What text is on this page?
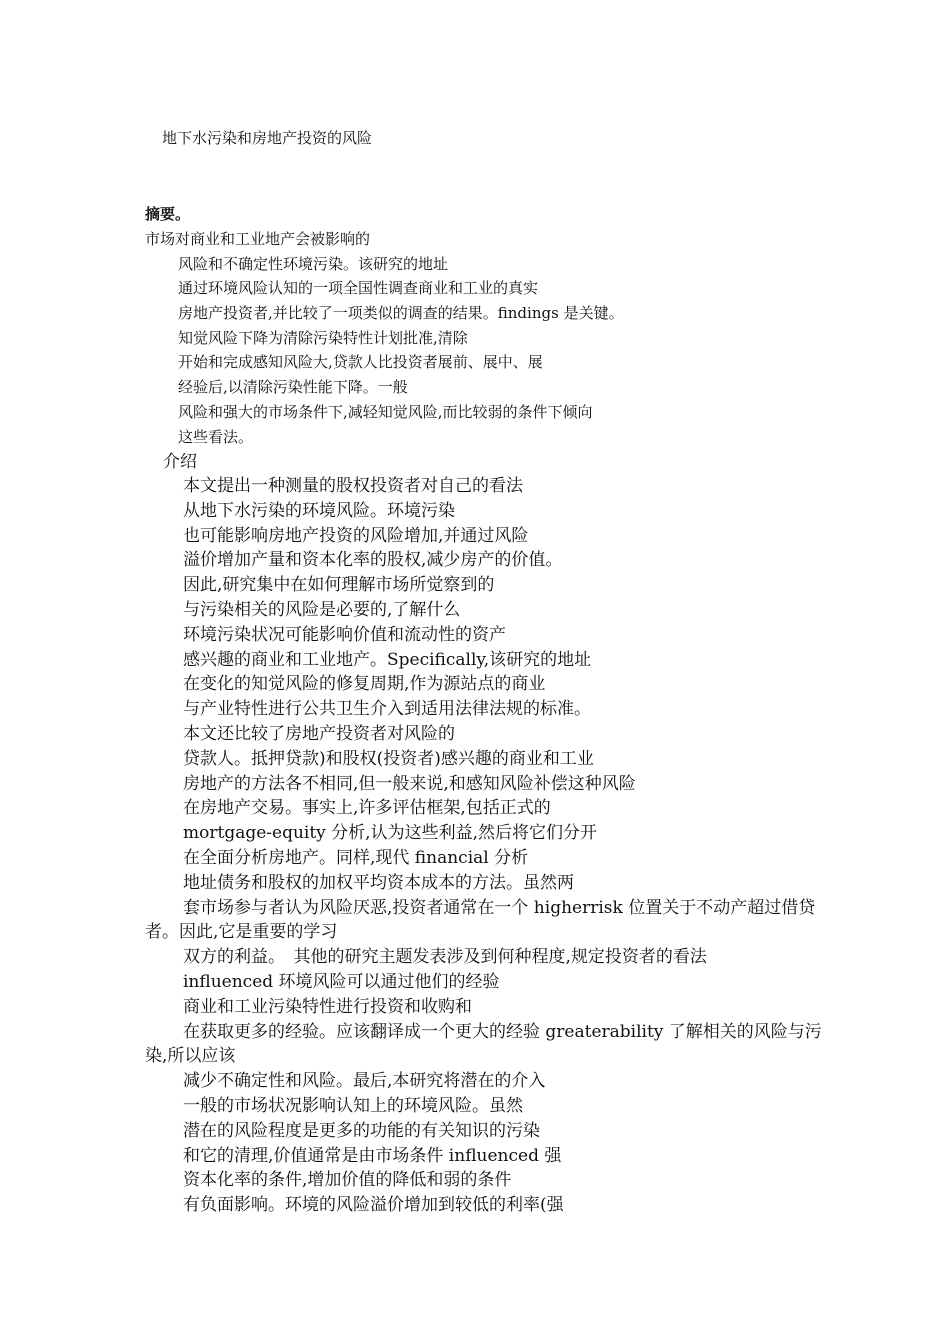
地下水污染和房地产投资的风险
摘要。
市场对商业和工业地产会被影响的
风险和不确定性环境污染。该研究的地址
通过环境风险认知的一项全国性调查商业和工业的真实
房地产投资者,并比较了一项类似的调查的结果。findings 是关键。
知觉风险下降为清除污染特性计划批准,清除
开始和完成感知风险大,贷款人比投资者展前、展中、展
经验后,以清除污染性能下降。一般
风险和强大的市场条件下,减轻知觉风险,而比较弱的条件下倾向
这些看法。
介绍
本文提出一种测量的股权投资者对自己的看法
从地下水污染的环境风险。环境污染
也可能影响房地产投资的风险增加,并通过风险
溢价增加产量和资本化率的股权,减少房产的价值。
因此,研究集中在如何理解市场所觉察到的
与污染相关的风险是必要的,了解什么
环境污染状况可能影响价值和流动性的资产
感兴趣的商业和工业地产。Specifically,该研究的地址
在变化的知觉风险的修复周期,作为源站点的商业
与产业特性进行公共卫生介入到适用法律法规的标准。
本文还比较了房地产投资者对风险的
贷款人。抵押贷款)和股权(投资者)感兴趣的商业和工业
房地产的方法各不相同,但一般来说,和感知风险补偿这种风险
在房地产交易。事实上,许多评估框架,包括正式的
mortgage-equity 分析,认为这些利益,然后将它们分开
在全面分析房地产。同样,现代 financial 分析
地址债务和股权的加权平均资本成本的方法。虽然两
套市场参与者认为风险厌恶,投资者通常在一个 higherrisk 位置关于不动产超过借贷者。因此,它是重要的学习
双方的利益。　其他的研究主题发表涉及到何种程度,规定投资者的看法
influenced 环境风险可以通过他们的经验
商业和工业污染特性进行投资和收购和
在获取更多的经验。应该翻译成一个更大的经验 greaterability 了解相关的风险与污染,所以应该
减少不确定性和风险。最后,本研究将潜在的介入
一般的市场状况影响认知上的环境风险。虽然
潜在的风险程度是更多的功能的有关知识的污染
和它的清理,价值通常是由市场条件 influenced 强
资本化率的条件,增加价值的降低和弱的条件
有负面影响。环境的风险溢价增加到较低的利率(强
